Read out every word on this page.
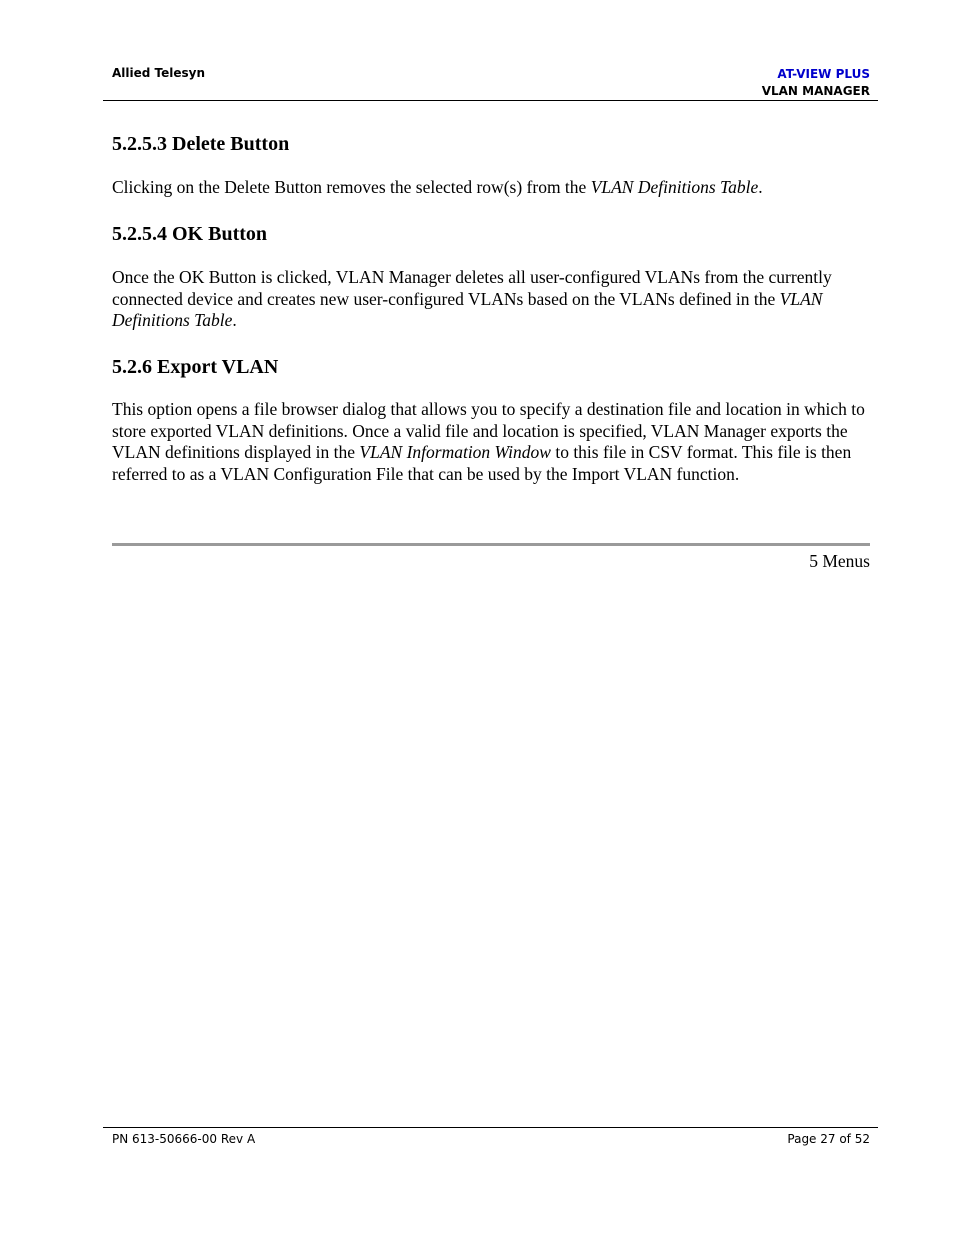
Allied Telesyn	AT-VIEW PLUS
VLAN MANAGER
5.2.5.3 Delete Button

Clicking on the Delete Button removes the selected row(s) from the VLAN Definitions Table.

5.2.5.4 OK Button

Once the OK Button is clicked, VLAN Manager deletes all user-configured VLANs from the currently connected device and creates new user-configured VLANs based on the VLANs defined in the VLAN Definitions Table.

5.2.6 Export VLAN

This option opens a file browser dialog that allows you to specify a destination file and location in which to store exported VLAN definitions. Once a valid file and location is specified, VLAN Manager exports the VLAN definitions displayed in the VLAN Information Window to this file in CSV format. This file is then referred to as a VLAN Configuration File that can be used by the Import VLAN function.

5 Menus
PN 613-50666-00 Rev A	Page 27 of 52
